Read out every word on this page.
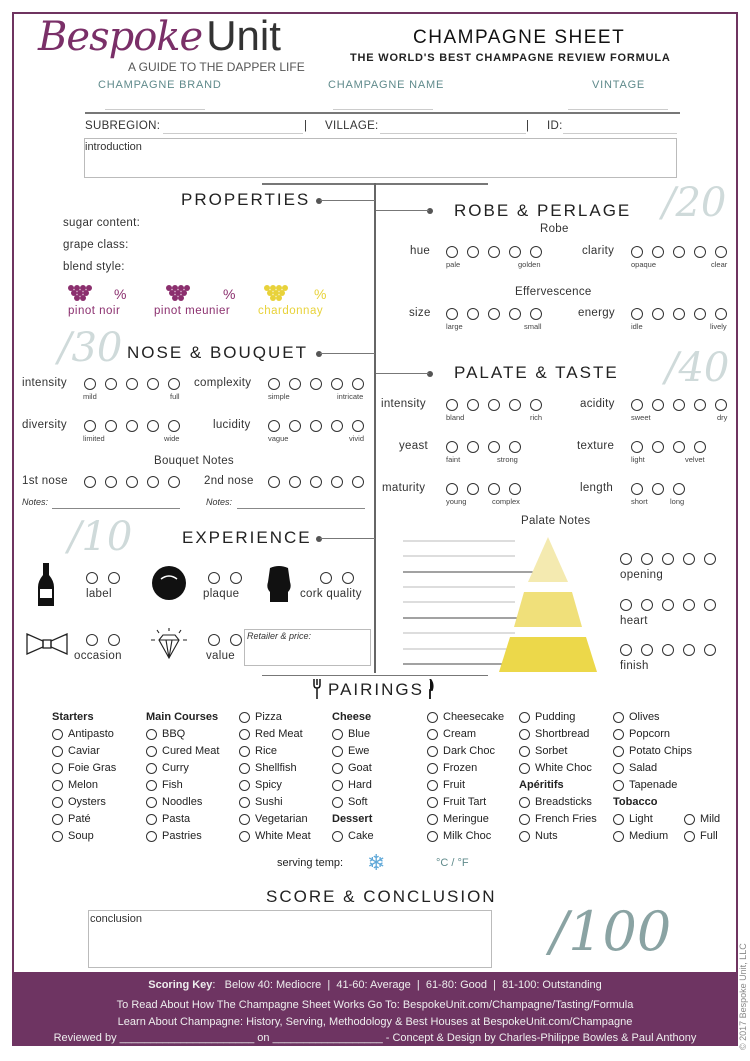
BespokeUnit
A GUIDE TO THE DAPPER LIFE
CHAMPAGNE SHEET
THE WORLD'S BEST CHAMPAGNE REVIEW FORMULA
CHAMPAGNE BRAND	CHAMPAGNE NAME	VINTAGE
SUBREGION:	| VILLAGE:	| ID:
introduction
PROPERTIES
sugar content:
grape class:
blend style:
ROBE & PERLAGE /20
Robe
Effervescence
/30 NOSE & BOUQUET
Bouquet Notes
Notes:	Notes:
/40
PALATE & TASTE
Palate Notes
/10	EXPERIENCE
Retailer & price:
PAIRINGS
serving temp: ❄	°C / °F
SCORE & CONCLUSION
conclusion	/100
© 2017 Bespoke Unit, LLC
Scoring Key:   Below 40: Mediocre  |  41-60: Average  |  61-80: Good  |  81-100: Outstanding
To Read About How The Champagne Sheet Works Go To: BespokeUnit.com/Champagne/Tasting/Formula
Learn About Champagne: History, Serving, Methodology & Best Houses at BespokeUnit.com/Champagne
Reviewed by ______________________ on __________________ - Concept & Design by Charles-Philippe Bowles & Paul Anthony
hue
pale	golden
clarity
opaque	clear
size
large	small
energy
idle	lively
intensity
mild	full
complexity
simple	intricate
diversity
limited	wide
lucidity
vague	vivid
1st nose	2nd nose
intensity
bland	rich
acidity
sweet	dry
yeast
faint	strong
texture
light	velvet
maturity
young	complex
length
short	long
%
pinot noir
%
pinot meunier
%
chardonnay
opening
heart
finish
label	plaque	cork quality
occasion	value
Starters
Antipasto
Caviar
Foie Gras
Melon
Oysters
Paté
Soup
Main Courses
BBQ
Cured Meat
Curry
Fish
Noodles
Pasta
Pastries
Pizza
Red Meat
Rice
Shellfish
Spicy
Sushi
Vegetarian
White Meat
Cheese
Blue
Ewe
Goat
Hard
Soft
Dessert
Cake
Cheesecake
Cream
Dark Choc
Frozen
Fruit
Fruit Tart
Meringue
Milk Choc
Pudding
Shortbread
Sorbet
White Choc
Apéritifs
Breadsticks
French Fries
Nuts
Olives
Popcorn
Potato Chips
Salad
Tapenade
Tobacco
Light
Medium
Mild
Full
